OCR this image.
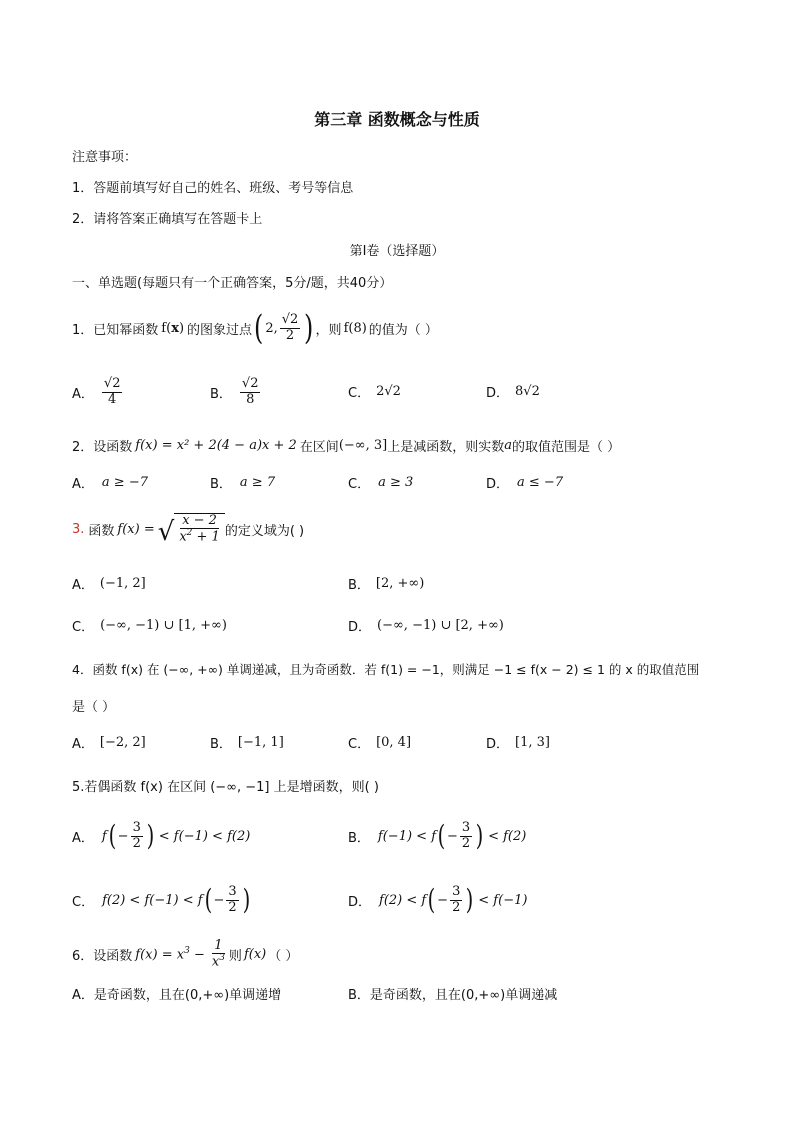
第三章 函数概念与性质
注意事项：
1．答题前填写好自己的姓名、班级、考号等信息
2．请将答案正确填写在答题卡上
第Ⅰ卷（选择题）
一、单选题(每题只有一个正确答案，5分/题，共40分）
1． 已知幂函数 f(x) 的图象过点 ( 2, $\frac{√2}{2}$ ) ，则 f(8) 的值为（ ）
A． $\frac{√2}{4}$	B． $\frac{√2}{8}$	C． 2√2	D． 8√2
2． 设函数 f(x) = x² + 2(4 − a)x + 2 在区间 (−∞, 3] 上是减函数，则实数 a 的取值范围是（ ）
A． a ≥ −7	B． a ≥ 7	C． a ≥ 3	D． a ≤ −7
3. 函数 f(x) = √ $\frac{x - 2}{x^2 + 1}$ 的定义域为( )
A． (−1, 2]	B． [2, +∞)
C． (−∞, −1) ∪ [1, +∞)	D． (−∞, −1) ∪ [2, +∞)
4．函数 f(x) 在 (−∞, +∞) 单调递减，且为奇函数．若 f(1) = −1，则满足 −1 ≤ f(x − 2) ≤ 1 的 x 的取值范围
是（ ）
A． [−2, 2]	B． [−1, 1]	C． [0, 4]	D． [1, 3]
5.若偶函数 f(x) 在区间 (−∞, −1] 上是增函数，则( )
A． f ( − $\frac{3}{2}$ ) < f(−1) < f(2)	B． f(−1) < f ( − $\frac{3}{2}$ ) < f(2)
C． f(2) < f(−1) < f ( − $\frac{3}{2}$ )	D． f(2) < f ( − $\frac{3}{2}$ ) < f(−1)
6． 设函数 $f(x) = x^3 - \frac{1}{x^3}$ 则 f(x) （ ）
A． 是奇函数，且在(0,+∞)单调递增	B． 是奇函数，且在(0,+∞)单调递减
